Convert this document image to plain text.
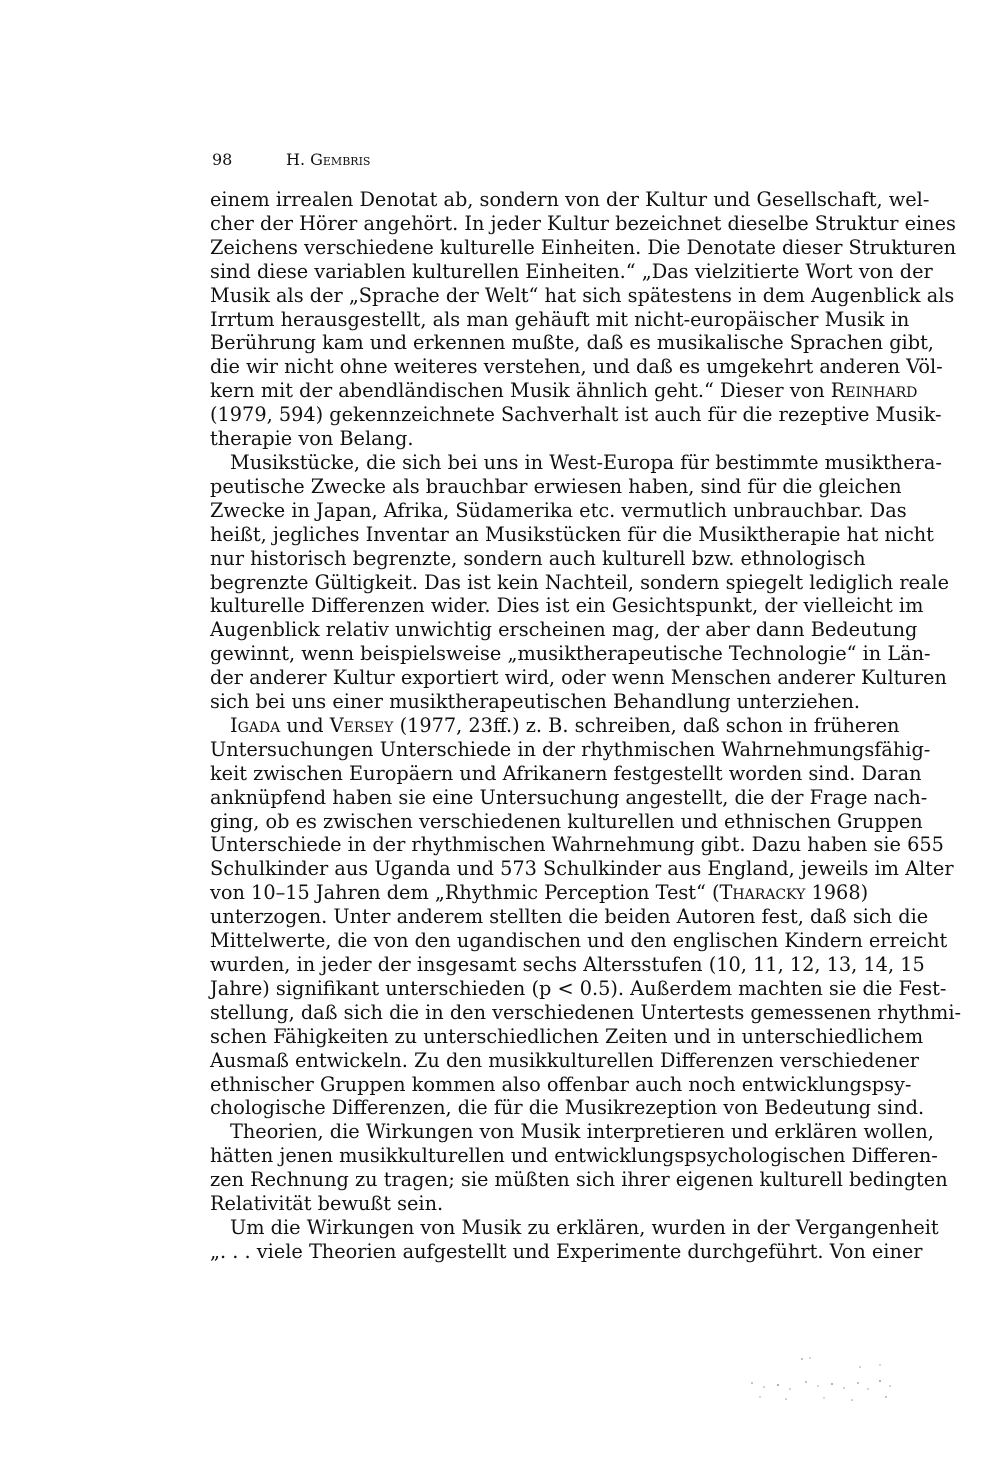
98	H. Gembris
einem irrealen Denotat ab, sondern von der Kultur und Gesellschaft, wel-
cher der Hörer angehört. In jeder Kultur bezeichnet dieselbe Struktur eines
Zeichens verschiedene kulturelle Einheiten. Die Denotate dieser Strukturen
sind diese variablen kulturellen Einheiten.“ „Das vielzitierte Wort von der
Musik als der „Sprache der Welt“ hat sich spätestens in dem Augenblick als
Irrtum herausgestellt, als man gehäuft mit nicht-europäischer Musik in
Berührung kam und erkennen mußte, daß es musikalische Sprachen gibt,
die wir nicht ohne weiteres verstehen, und daß es umgekehrt anderen Völ-
kern mit der abendländischen Musik ähnlich geht.“ Dieser von Reinhard
(1979, 594) gekennzeichnete Sachverhalt ist auch für die rezeptive Musik-
therapie von Belang.
Musikstücke, die sich bei uns in West-Europa für bestimmte musikthera-
peutische Zwecke als brauchbar erwiesen haben, sind für die gleichen
Zwecke in Japan, Afrika, Südamerika etc. vermutlich unbrauchbar. Das
heißt, jegliches Inventar an Musikstücken für die Musiktherapie hat nicht
nur historisch begrenzte, sondern auch kulturell bzw. ethnologisch
begrenzte Gültigkeit. Das ist kein Nachteil, sondern spiegelt lediglich reale
kulturelle Differenzen wider. Dies ist ein Gesichtspunkt, der vielleicht im
Augenblick relativ unwichtig erscheinen mag, der aber dann Bedeutung
gewinnt, wenn beispielsweise „musiktherapeutische Technologie“ in Län-
der anderer Kultur exportiert wird, oder wenn Menschen anderer Kulturen
sich bei uns einer musiktherapeutischen Behandlung unterziehen.
Igada und Versey (1977, 23ff.) z. B. schreiben, daß schon in früheren
Untersuchungen Unterschiede in der rhythmischen Wahrnehmungsfähig-
keit zwischen Europäern und Afrikanern festgestellt worden sind. Daran
anknüpfend haben sie eine Untersuchung angestellt, die der Frage nach-
ging, ob es zwischen verschiedenen kulturellen und ethnischen Gruppen
Unterschiede in der rhythmischen Wahrnehmung gibt. Dazu haben sie 655
Schulkinder aus Uganda und 573 Schulkinder aus England, jeweils im Alter
von 10–15 Jahren dem „Rhythmic Perception Test“ (Tharacky 1968)
unterzogen. Unter anderem stellten die beiden Autoren fest, daß sich die
Mittelwerte, die von den ugandischen und den englischen Kindern erreicht
wurden, in jeder der insgesamt sechs Altersstufen (10, 11, 12, 13, 14, 15
Jahre) signifikant unterschieden (p < 0.5). Außerdem machten sie die Fest-
stellung, daß sich die in den verschiedenen Untertests gemessenen rhythmi-
schen Fähigkeiten zu unterschiedlichen Zeiten und in unterschiedlichem
Ausmaß entwickeln. Zu den musikkulturellen Differenzen verschiedener
ethnischer Gruppen kommen also offenbar auch noch entwicklungspsy-
chologische Differenzen, die für die Musikrezeption von Bedeutung sind.
Theorien, die Wirkungen von Musik interpretieren und erklären wollen,
hätten jenen musikkulturellen und entwicklungspsychologischen Differen-
zen Rechnung zu tragen; sie müßten sich ihrer eigenen kulturell bedingten
Relativität bewußt sein.
Um die Wirkungen von Musik zu erklären, wurden in der Vergangenheit
„. . . viele Theorien aufgestellt und Experimente durchgeführt. Von einer
